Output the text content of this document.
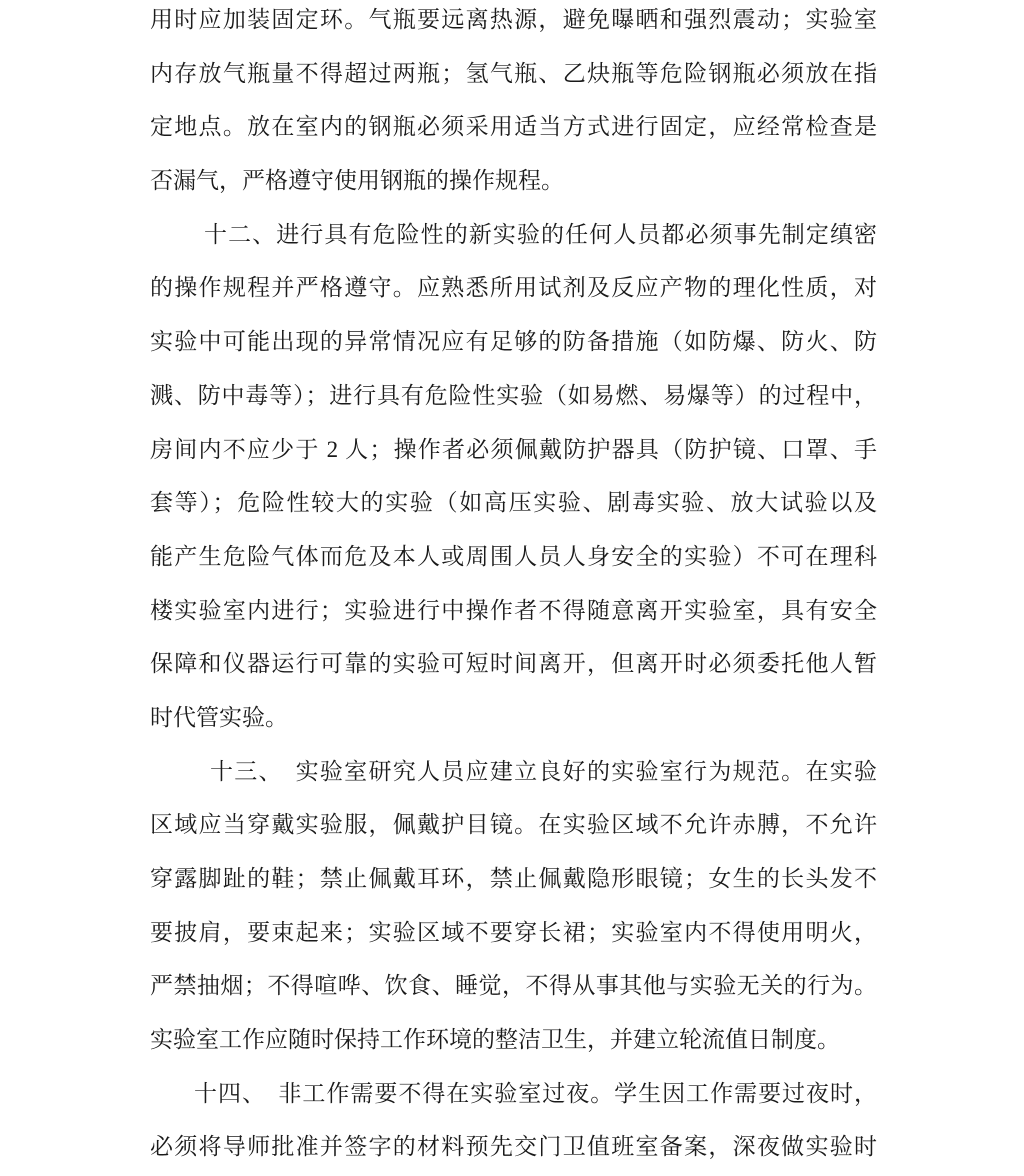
用时应加装固定环。气瓶要远离热源，避免曝晒和强烈震动；实验室
内存放气瓶量不得超过两瓶；氢气瓶、乙炔瓶等危险钢瓶必须放在指
定地点。放在室内的钢瓶必须采用适当方式进行固定，应经常检查是
否漏气，严格遵守使用钢瓶的操作规程。
十二、进行具有危险性的新实验的任何人员都必须事先制定缜密
的操作规程并严格遵守。应熟悉所用试剂及反应产物的理化性质，对
实验中可能出现的异常情况应有足够的防备措施（如防爆、防火、防
溅、防中毒等）；进行具有危险性实验（如易燃、易爆等）的过程中，
房间内不应少于 2 人；操作者必须佩戴防护器具（防护镜、口罩、手
套等）；危险性较大的实验（如高压实验、剧毒实验、放大试验以及
能产生危险气体而危及本人或周围人员人身安全的实验）不可在理科
楼实验室内进行；实验进行中操作者不得随意离开实验室，具有安全
保障和仪器运行可靠的实验可短时间离开，但离开时必须委托他人暂
时代管实验。
十三、　实验室研究人员应建立良好的实验室行为规范。在实验
区域应当穿戴实验服，佩戴护目镜。在实验区域不允许赤膊，不允许
穿露脚趾的鞋；禁止佩戴耳环，禁止佩戴隐形眼镜；女生的长头发不
要披肩，要束起来；实验区域不要穿长裙；实验室内不得使用明火，
严禁抽烟；不得喧哗、饮食、睡觉，不得从事其他与实验无关的行为。
实验室工作应随时保持工作环境的整洁卫生，并建立轮流值日制度。
十四、　非工作需要不得在实验室过夜。学生因工作需要过夜时，
必须将导师批准并签字的材料预先交门卫值班室备案，深夜做实验时
